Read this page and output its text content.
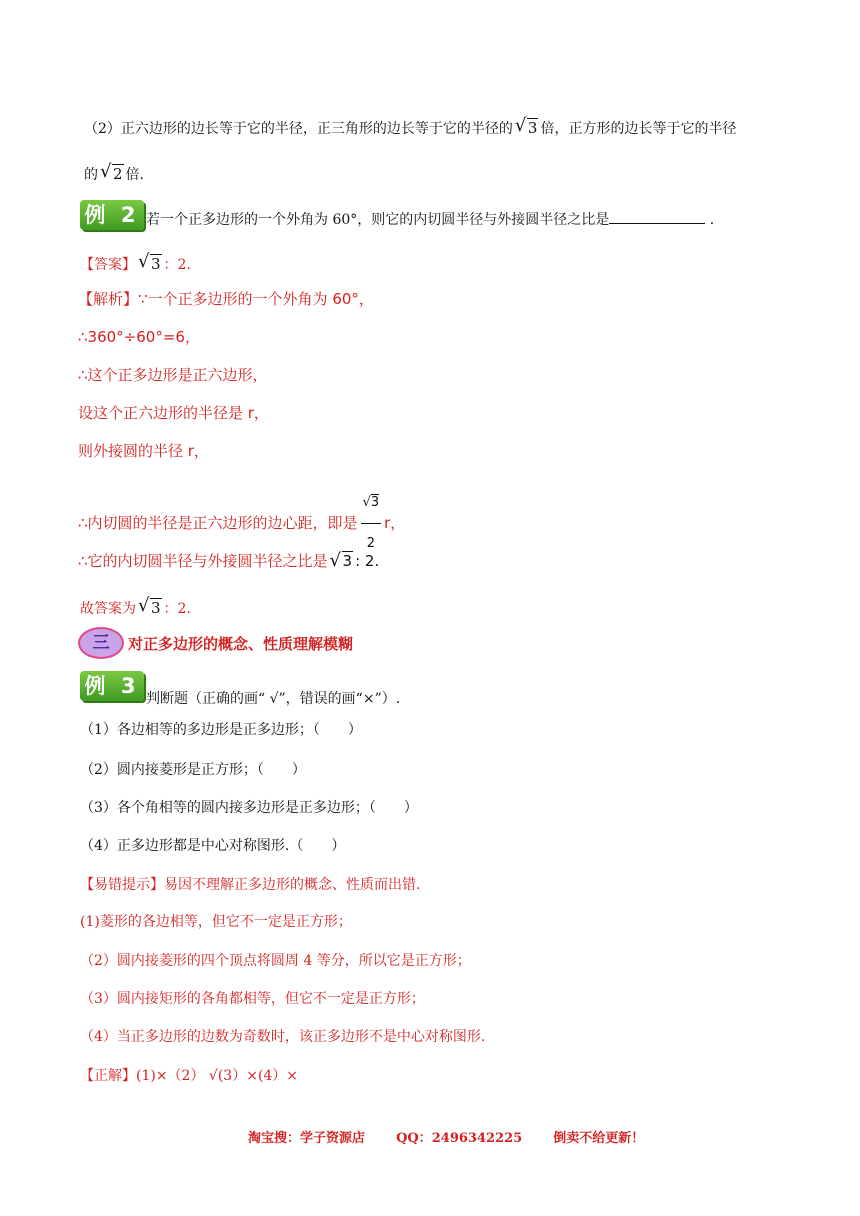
（2）正六边形的边长等于它的半径，正三角形的边长等于它的半径的 √ 3 倍，正方形的边长等于它的半径
的 √ 2 倍.
例 2 若一个正多边形的一个外角为 60°，则它的内切圆半径与外接圆半径之比是	.
【答案】 √ 3 ：2.
【解析】∵一个正多边形的一个外角为 60°，
∴360°÷60°=6，
∴这个正多边形是正六边形，
设这个正六边形的半径是 r，
则外接圆的半径 r，
∴内切圆的半径是正六边形的边心距，即是 $\frac{√3}{2}$ r，
∴它的内切圆半径与外接圆半径之比是 √ 3 : 2.
故答案为 √ 3 ：2.
三	对正多边形的概念、性质理解模糊
例 3
判断题（正确的画“ √”，错误的画“×”）.
（1）各边相等的多边形是正多边形；（　　）
（2）圆内接菱形是正方形；（　　）
（3）各个角相等的圆内接多边形是正多边形；（　　）
（4）正多边形都是中心对称图形.（　　）
【易错提示】易因不理解正多边形的概念、性质而出错.
(1)菱形的各边相等，但它不一定是正方形；
（2）圆内接菱形的四个顶点将圆周 4 等分，所以它是正方形；
（3）圆内接矩形的各角都相等，但它不一定是正方形；
（4）当正多边形的边数为奇数时，该正多边形不是中心对称图形.
【正解】(1)×（2） √(3）×(4）×
淘宝搜：学子资源店 QQ：2496342225 倒卖不给更新！
